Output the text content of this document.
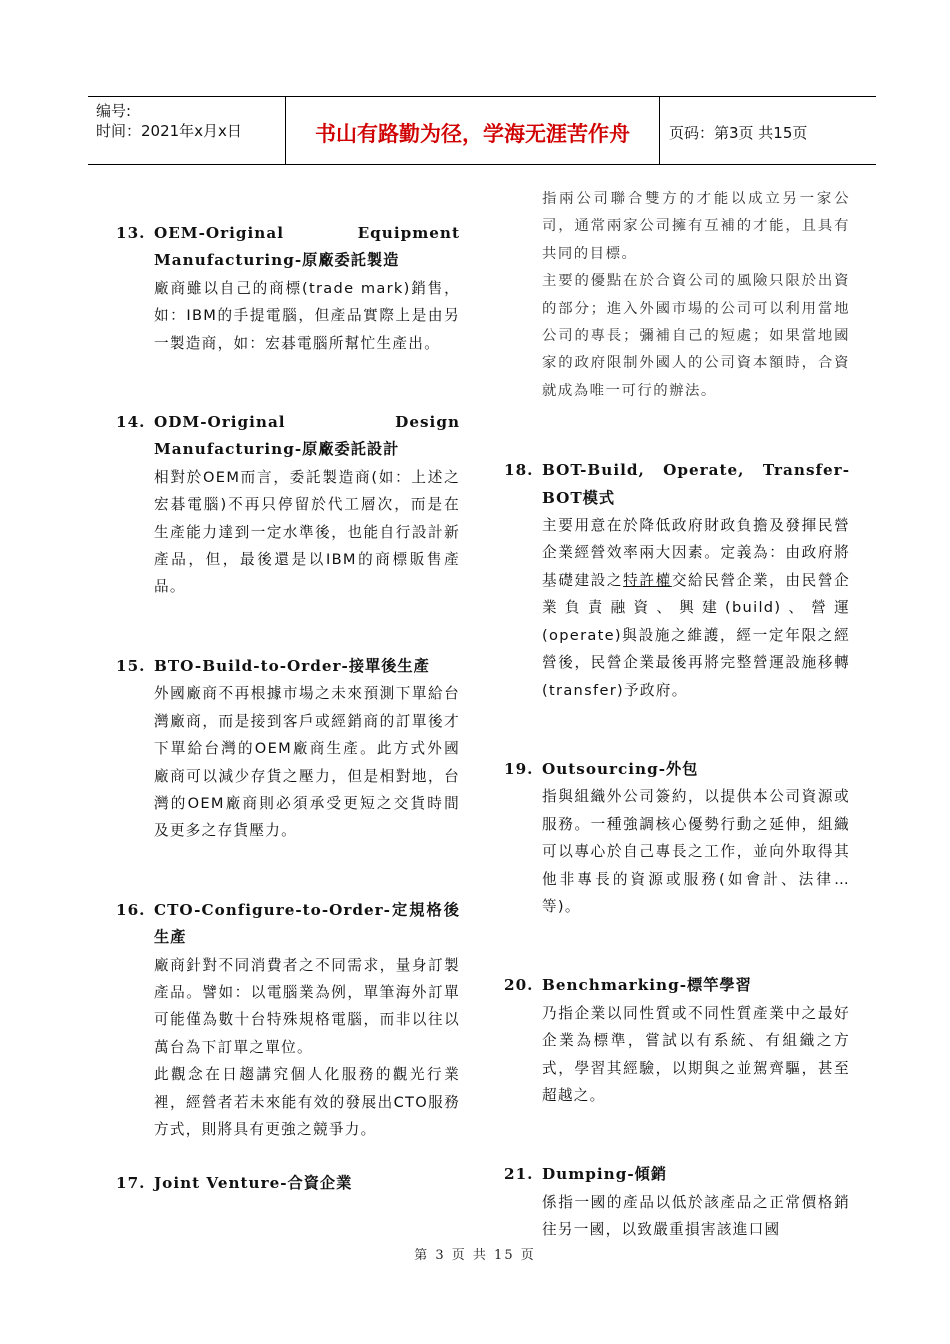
编号:
时间：2021年x月x日	书山有路勤为径，学海无涯苦作舟	页码：第3页 共15页
13. OEM-Original Equipment Manufacturing-原廠委託製造
廠商雖以自己的商標(trade mark)銷售，如：IBM的手提電腦，但產品實際上是由另一製造商，如：宏碁電腦所幫忙生產出。
14. ODM-Original Design Manufacturing-原廠委託設計
相對於OEM而言，委託製造商(如：上述之宏碁電腦)不再只停留於代工層次，而是在生產能力達到一定水準後，也能自行設計新產品，但，最後還是以IBM的商標販售產品。
15. BTO-Build-to-Order-接單後生產
外國廠商不再根據市場之未來預測下單給台灣廠商，而是接到客戶或經銷商的訂單後才下單給台灣的OEM廠商生產。此方式外國廠商可以減少存貨之壓力，但是相對地，台灣的OEM廠商則必須承受更短之交貨時間及更多之存貨壓力。
16. CTO-Configure-to-Order-定規格後生產
廠商針對不同消費者之不同需求，量身訂製產品。譬如：以電腦業為例，單筆海外訂單可能僅為數十台特殊規格電腦，而非以往以萬台為下訂單之單位。
此觀念在日趨講究個人化服務的觀光行業裡，經營者若未來能有效的發展出CTO服務方式，則將具有更強之競爭力。
17. Joint Venture-合資企業
指兩公司聯合雙方的才能以成立另一家公司，通常兩家公司擁有互補的才能，且具有共同的目標。
主要的優點在於合資公司的風險只限於出資的部分；進入外國市場的公司可以利用當地公司的專長；彌補自己的短處；如果當地國家的政府限制外國人的公司資本額時，合資就成為唯一可行的辦法。
18. BOT-Build, Operate, Transfer-BOT模式
主要用意在於降低政府財政負擔及發揮民營企業經營效率兩大因素。定義為：由政府將基礎建設之特許權交給民營企業，由民營企業負責融資、興建(build)、營運(operate)與設施之維護，經一定年限之經營後，民營企業最後再將完整營運設施移轉(transfer)予政府。
19. Outsourcing-外包
指與組織外公司簽約，以提供本公司資源或服務。一種強調核心優勢行動之延伸，組織可以專心於自己專長之工作，並向外取得其他非專長的資源或服務(如會計、法律…等)。
20. Benchmarking-標竿學習
乃指企業以同性質或不同性質產業中之最好企業為標準，嘗試以有系統、有組織之方式，學習其經驗，以期與之並駕齊驅，甚至超越之。
21. Dumping-傾銷
係指一國的產品以低於該產品之正常價格銷往另一國，以致嚴重損害該進口國
第 3 页 共 15 页
